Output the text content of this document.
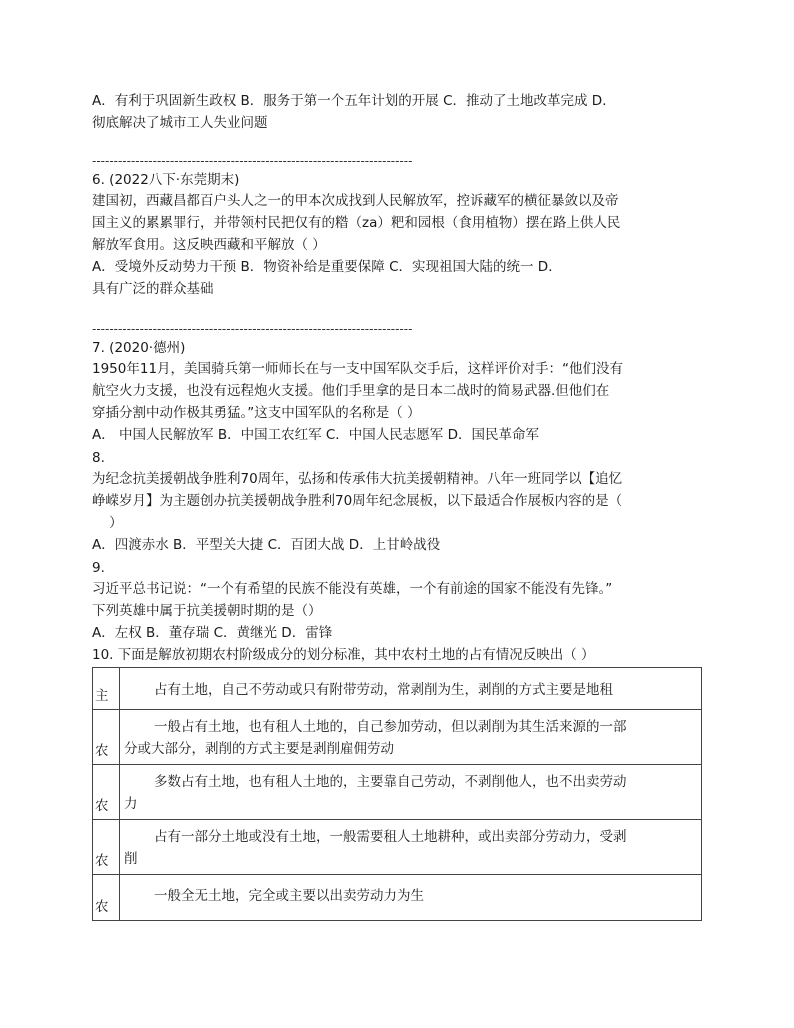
A．有利于巩固新生政权 B．服务于第一个五年计划的开展 C．推动了土地改革完成 D．
彻底解决了城市工人失业问题
--------------------------------------------------------------------------
6. (2022八下·东莞期末)
建国初，西藏昌都百户头人之一的甲本次成找到人民解放军，控诉藏军的横征暴敛以及帝
国主义的累累罪行，并带领村民把仅有的糌（za）粑和园根（食用植物）摆在路上供人民
解放军食用。这反映西藏和平解放（ ）
A．受境外反动势力干预 B．物资补给是重要保障 C．实现祖国大陆的统一 D．
具有广泛的群众基础
--------------------------------------------------------------------------
7. (2020·德州)
1950年11月，美国骑兵第一师师长在与一支中国军队交手后，这样评价对手：“他们没有
航空火力支援，也没有远程炮火支援。他们手里拿的是日本二战时的简易武器.但他们在
穿插分割中动作极其勇猛。”这支中国军队的名称是（ ）
A． 中国人民解放军 B．中国工农红军 C．中国人民志愿军 D．国民革命军
8.
为纪念抗美援朝战争胜利70周年，弘扬和传承伟大抗美援朝精神。八年一班同学以【追忆
峥嵘岁月】为主题创办抗美援朝战争胜利70周年纪念展板，以下最适合作展板内容的是（
）
A．四渡赤水 B．平型关大捷 C．百团大战 D．上甘岭战役
9.
习近平总书记说：“一个有希望的民族不能没有英雄，一个有前途的国家不能没有先锋。”
下列英雄中属于抗美援朝时期的是（）
A．左权 B．董存瑞 C．黄继光 D．雷锋
10. 下面是解放初期农村阶级成分的划分标准，其中农村土地的占有情况反映出（ ）
主	占有土地，自己不劳动或只有附带劳动，常剥削为生，剥削的方式主要是地租
农	一般占有土地，也有租人土地的，自己参加劳动，但以剥削为其生活来源的一部
分或大部分，剥削的方式主要是剥削雇佣劳动
农	多数占有土地，也有租人土地的，主要靠自己劳动，不剥削他人，也不出卖劳动
力
农	占有一部分土地或没有土地，一般需要租人土地耕种，或出卖部分劳动力，受剥
削
农	一般全无土地，完全或主要以出卖劳动力为生
